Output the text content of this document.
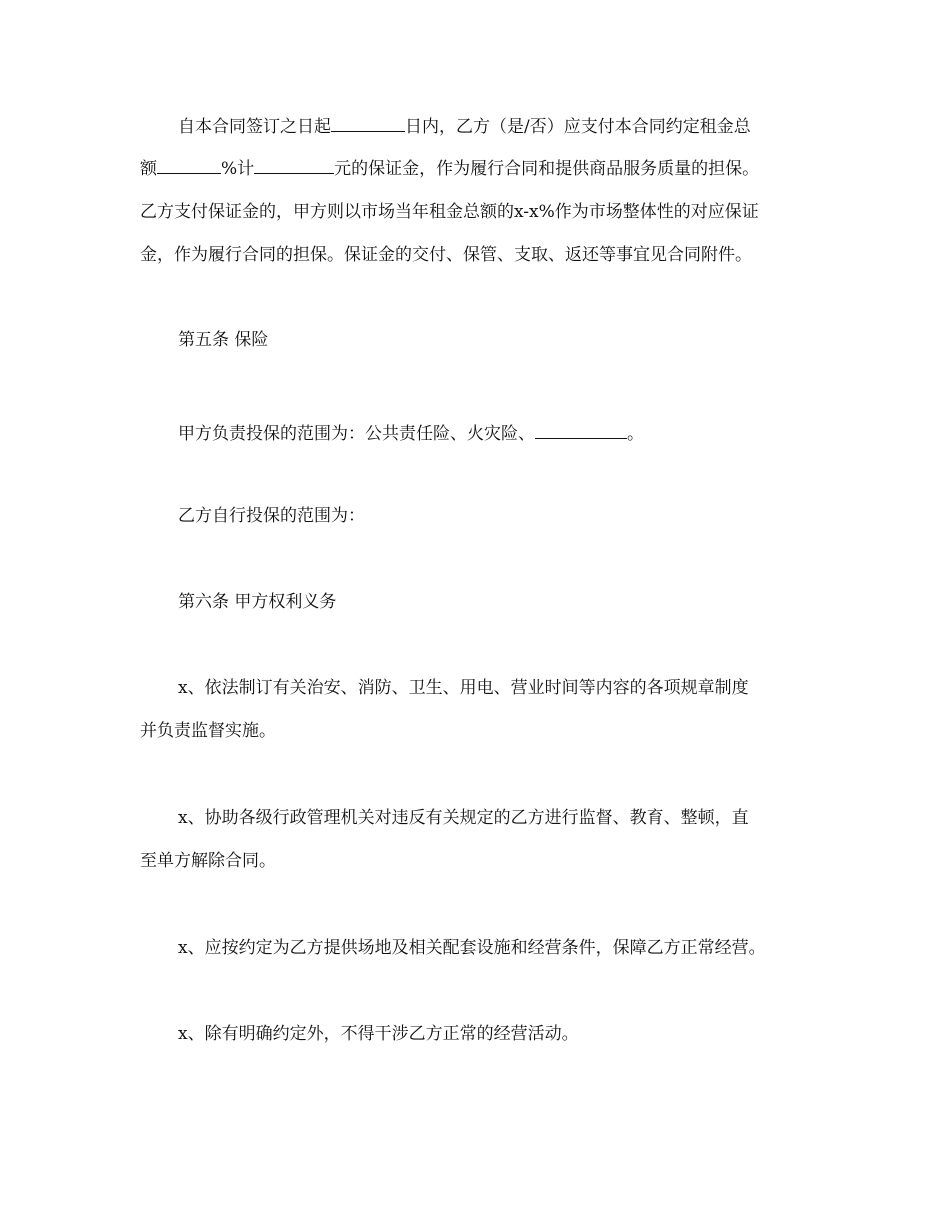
自本合同签订之日起	日内，乙方（是/否）应支付本合同约定租金总
额	%计	元的保证金，作为履行合同和提供商品服务质量的担保。
乙方支付保证金的，甲方则以市场当年租金总额的x-x%作为市场整体性的对应保证
金，作为履行合同的担保。保证金的交付、保管、支取、返还等事宜见合同附件。
第五条 保险
甲方负责投保的范围为：公共责任险、火灾险、	。
乙方自行投保的范围为：
第六条 甲方权利义务
x、依法制订有关治安、消防、卫生、用电、营业时间等内容的各项规章制度
并负责监督实施。
x、协助各级行政管理机关对违反有关规定的乙方进行监督、教育、整顿，直
至单方解除合同。
x、应按约定为乙方提供场地及相关配套设施和经营条件，保障乙方正常经营。
x、除有明确约定外，不得干涉乙方正常的经营活动。
